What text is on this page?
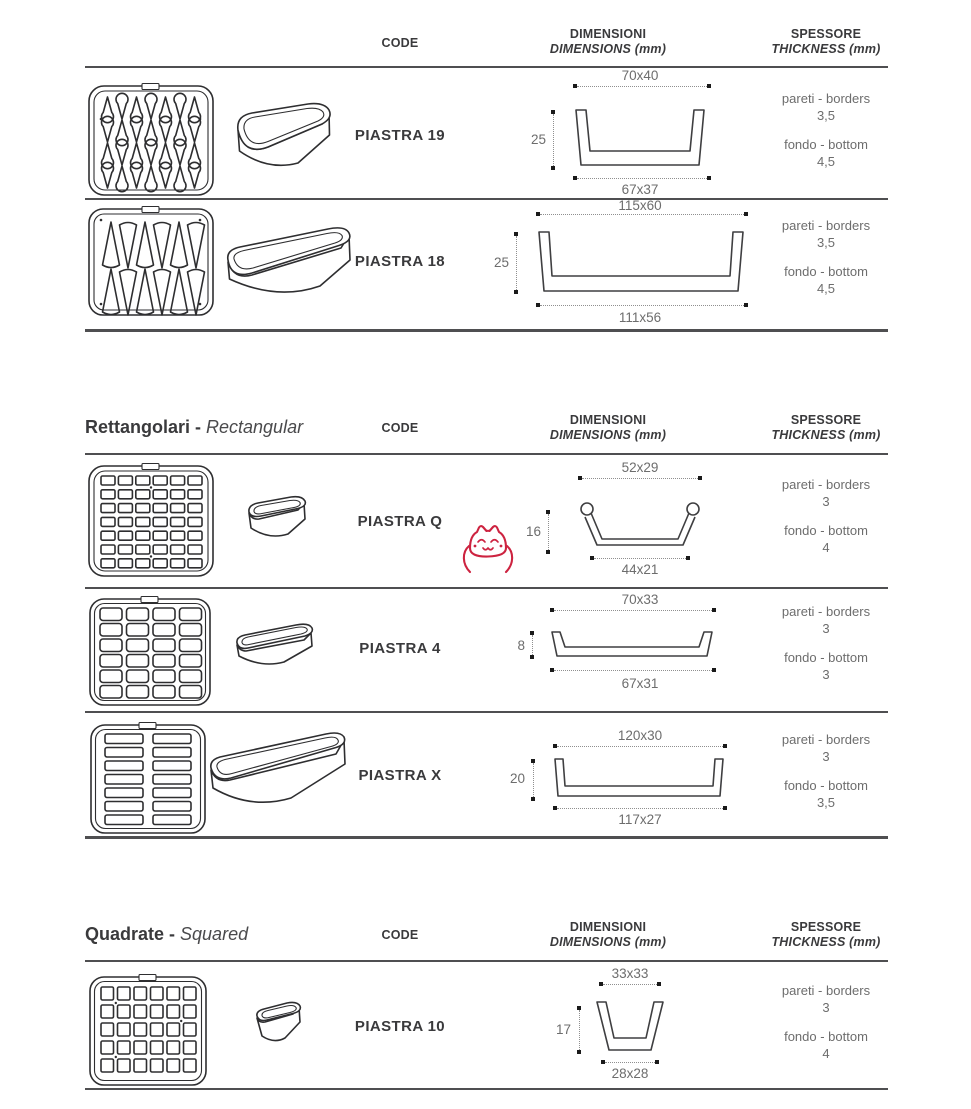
CODE
DIMENSIONI
DIMENSIONS (mm)
SPESSORE
THICKNESS (mm)
PIASTRA 19
70x40
25
67x37
pareti - borders
3,5
fondo - bottom
4,5
PIASTRA 18
115x60
25
111x56
pareti - borders
3,5
fondo - bottom
4,5
Rettangolari - Rectangular	CODE
DIMENSIONI
DIMENSIONS (mm)
SPESSORE
THICKNESS (mm)
PIASTRA Q
52x29
16
44x21
pareti - borders
3
fondo - bottom
4
PIASTRA 4
70x33
8
67x31
pareti - borders
3
fondo - bottom
3
PIASTRA X
120x30
20
117x27
pareti - borders
3
fondo - bottom
3,5
Quadrate - Squared	CODE
DIMENSIONI
DIMENSIONS (mm)
SPESSORE
THICKNESS (mm)
PIASTRA 10
33x33
17
28x28
pareti - borders
3
fondo - bottom
4
